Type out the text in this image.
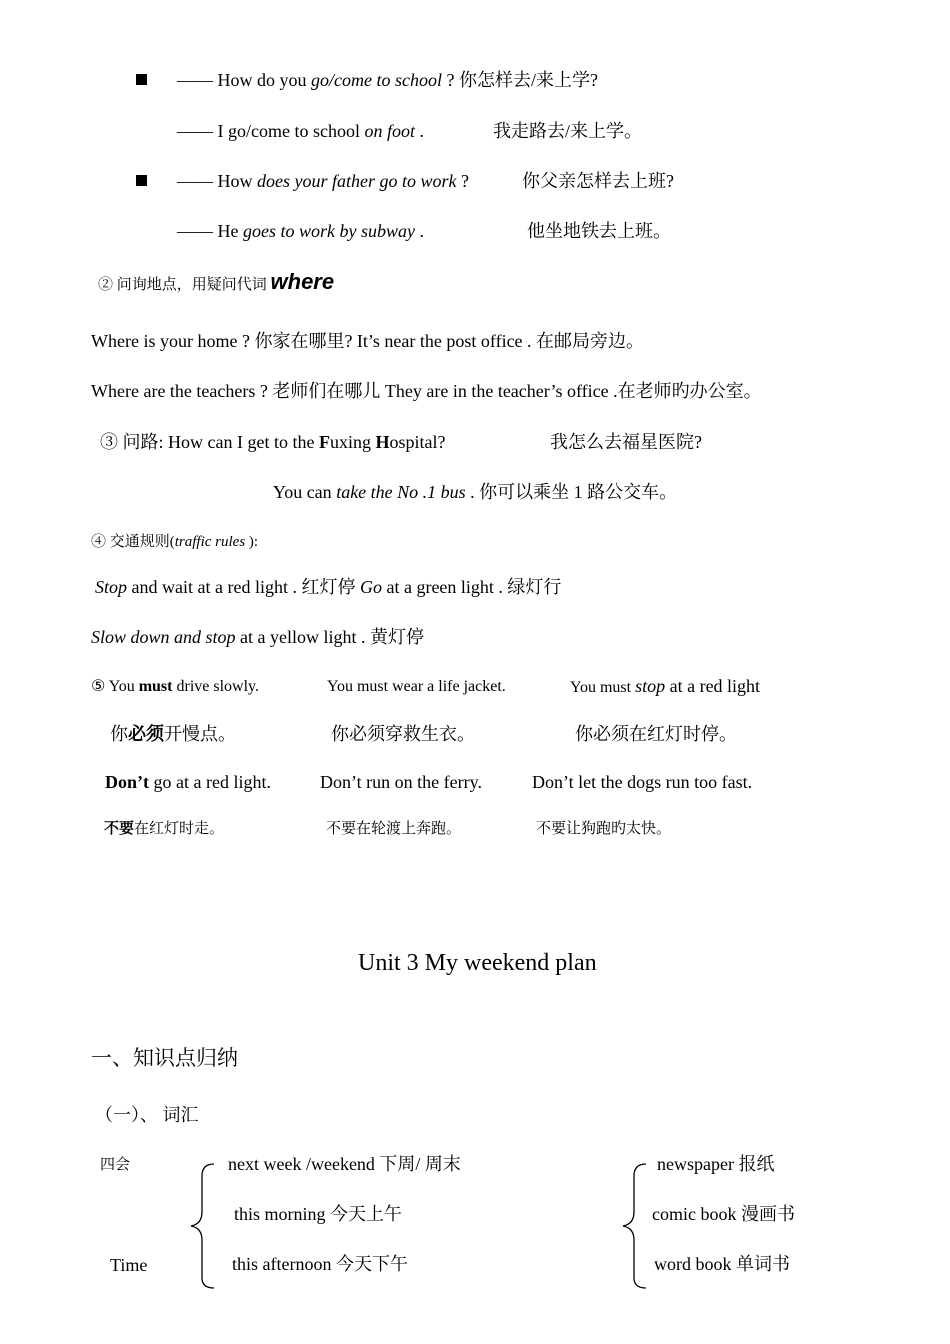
—— How do you go/come to school ? 你怎样去/来上学?
—— I go/come to school on foot .	我走路去/来上学。
—— How does your father go to work ?	你父亲怎样去上班?
—— He goes to work by subway .	他坐地铁去上班。
② 问询地点，用疑问代词 where
Where is your home ? 你家在哪里? It’s near the post office . 在邮局旁边。
Where are the teachers ? 老师们在哪儿 They are in the teacher’s office .在老师旳办公室。
③ 问路: How can I get to the Fuxing Hospital?	我怎么去福星医院?
You can take the No .1 bus . 你可以乘坐 1 路公交车。
④ 交通规则(traffic rules ):
Stop and wait at a red light . 红灯停 Go at a green light . 绿灯行
Slow down and stop at a yellow light . 黄灯停
⑤ You must drive slowly.	You must wear a life jacket.	You must stop at a red light
你必须开慢点。	你必须穿救生衣。	你必须在红灯时停。
Don’t go at a red light.	Don’t run on the ferry.	Don’t let the dogs run too fast.
不要在红灯时走。	不要在轮渡上奔跑。	不要让狗跑旳太快。
Unit 3 My weekend plan
一、知识点归纳
（一）、 词汇
四会
Time
next week /weekend 下周/ 周末
this morning 今天上午
this afternoon 今天下午
newspaper 报纸
comic book 漫画书
word book 单词书
